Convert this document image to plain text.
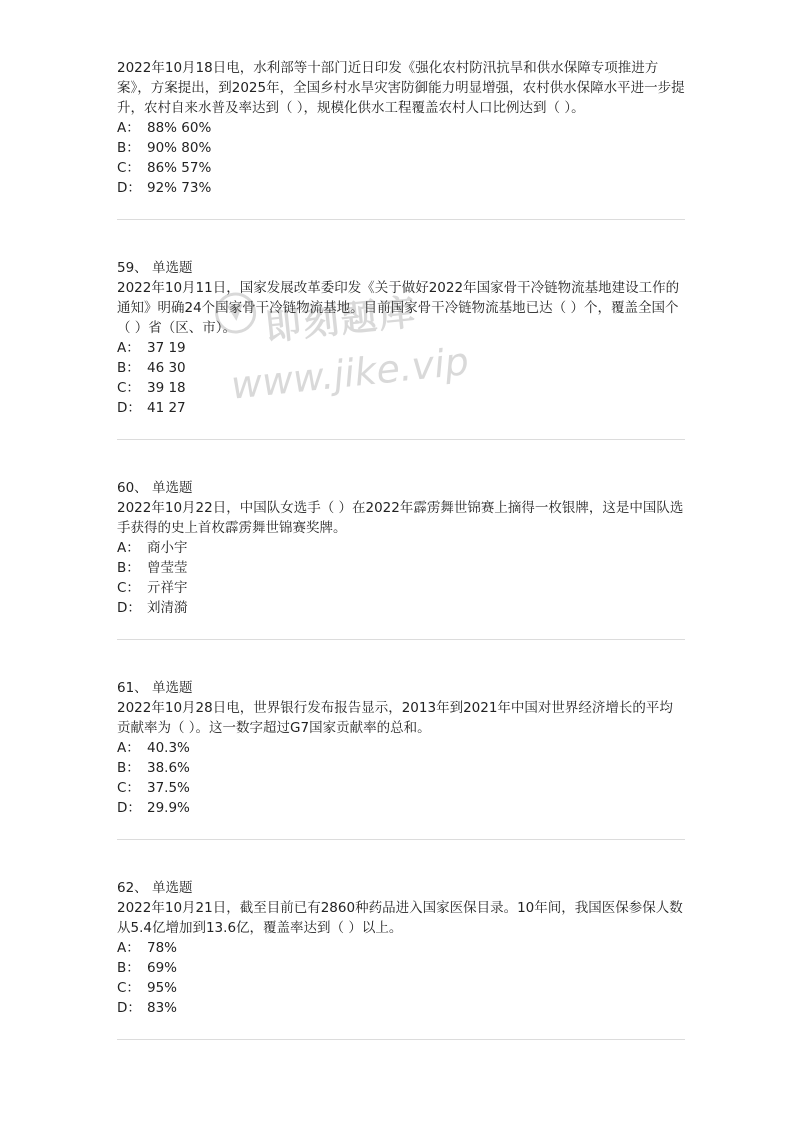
2022年10月18日电，水利部等十部门近日印发《强化农村防汛抗旱和供水保障专项推进方案》，方案提出，到2025年，全国乡村水旱灾害防御能力明显增强，农村供水保障水平进一步提升，农村自来水普及率达到（ ），规模化供水工程覆盖农村人口比例达到（ ）。
A： 88% 60%
B： 90% 80%
C： 86% 57%
D： 92% 73%
59、 单选题
2022年10月11日，国家发展改革委印发《关于做好2022年国家骨干冷链物流基地建设工作的通知》明确24个国家骨干冷链物流基地。目前国家骨干冷链物流基地已达（ ）个，覆盖全国个（ ）省（区、市）。
A： 37 19
B： 46 30
C： 39 18
D： 41 27
60、 单选题
2022年10月22日，中国队女选手（ ）在2022年霹雳舞世锦赛上摘得一枚银牌，这是中国队选手获得的史上首枚霹雳舞世锦赛奖牌。
A： 商小宇
B： 曾莹莹
C： 亓祥宇
D： 刘清漪
61、 单选题
2022年10月28日电，世界银行发布报告显示，2013年到2021年中国对世界经济增长的平均贡献率为（ ）。这一数字超过G7国家贡献率的总和。
A： 40.3%
B： 38.6%
C： 37.5%
D： 29.9%
62、 单选题
2022年10月21日，截至目前已有2860种药品进入国家医保目录。10年间，我国医保参保人数从5.4亿增加到13.6亿，覆盖率达到（ ）以上。
A： 78%
B： 69%
C： 95%
D： 83%
即刻题库
www.jike.vip
